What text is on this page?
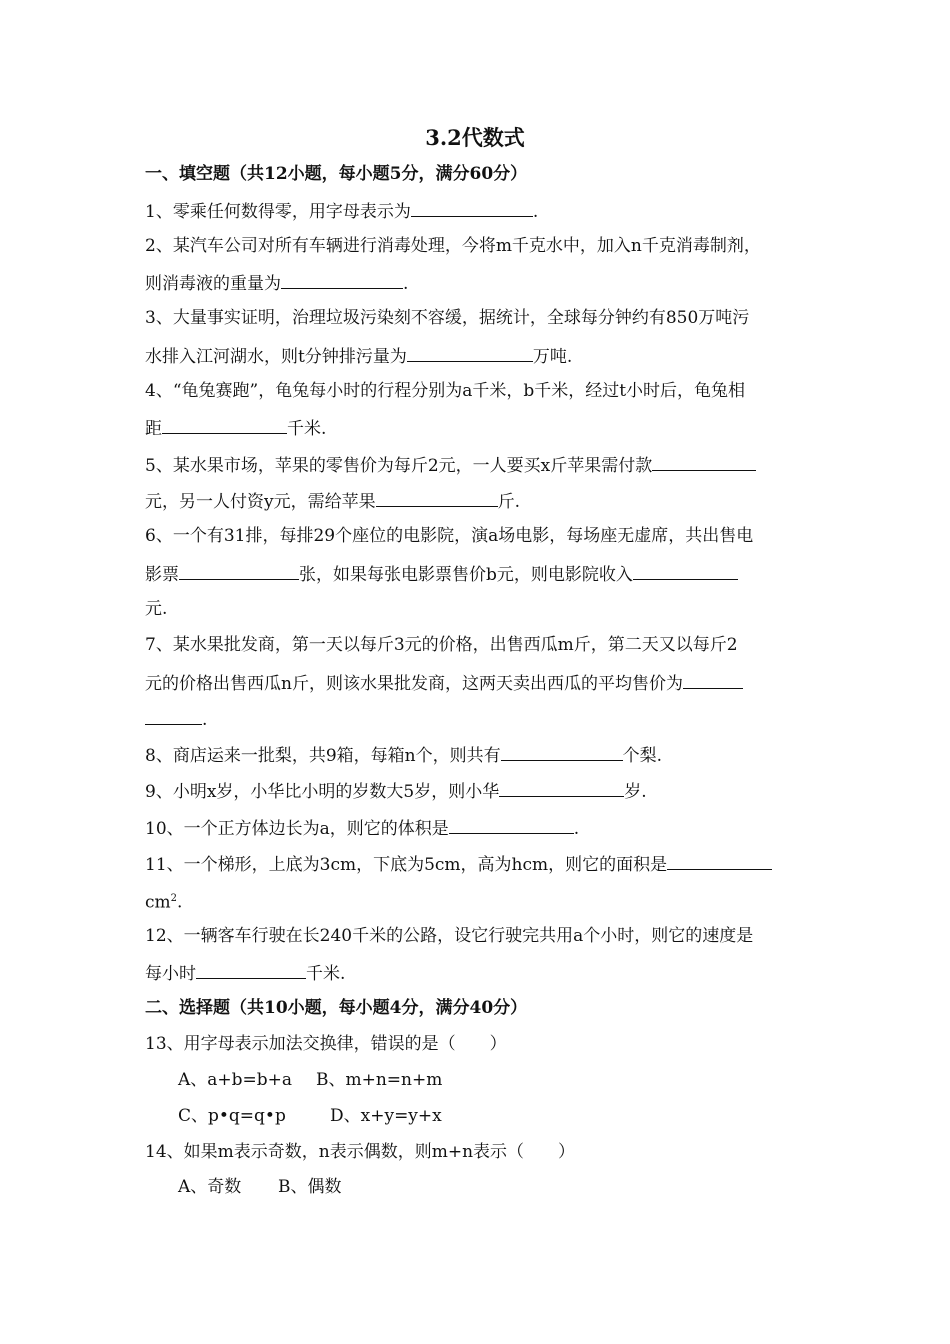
3.2代数式
一、填空题（共12小题，每小题5分，满分60分）
1、零乘任何数得零，用字母表示为	.
2、某汽车公司对所有车辆进行消毒处理，今将m千克水中，加入n千克消毒制剂，
则消毒液的重量为	.
3、大量事实证明，治理垃圾污染刻不容缓，据统计，全球每分钟约有850万吨污
水排入江河湖水，则t分钟排污量为	万吨.
4、“龟兔赛跑”，龟兔每小时的行程分别为a千米，b千米，经过t小时后，龟兔相
距	千米.
5、某水果市场，苹果的零售价为每斤2元，一人要买x斤苹果需付款
元，另一人付资y元，需给苹果	斤.
6、一个有31排，每排29个座位的电影院，演a场电影，每场座无虚席，共出售电
影票	张，如果每张电影票售价b元，则电影院收入
元.
7、某水果批发商，第一天以每斤3元的价格，出售西瓜m斤，第二天又以每斤2
元的价格出售西瓜n斤，则该水果批发商，这两天卖出西瓜的平均售价为
.
8、商店运来一批梨，共9箱，每箱n个，则共有	个梨.
9、小明x岁，小华比小明的岁数大5岁，则小华	岁.
10、一个正方体边长为a，则它的体积是	.
11、一个梯形，上底为3cm，下底为5cm，高为hcm，则它的面积是
$cm^2$.
12、一辆客车行驶在长240千米的公路，设它行驶完共用a个小时，则它的速度是
每小时	千米.
二、选择题（共10小题，每小题4分，满分40分）
13、用字母表示加法交换律，错误的是（　　）
A、a+b=b+a B、m+n=n+m
C、p•q=q•p	D、x+y=y+x
14、如果m表示奇数，n表示偶数，则m+n表示（　　）
A、奇数 B、偶数
